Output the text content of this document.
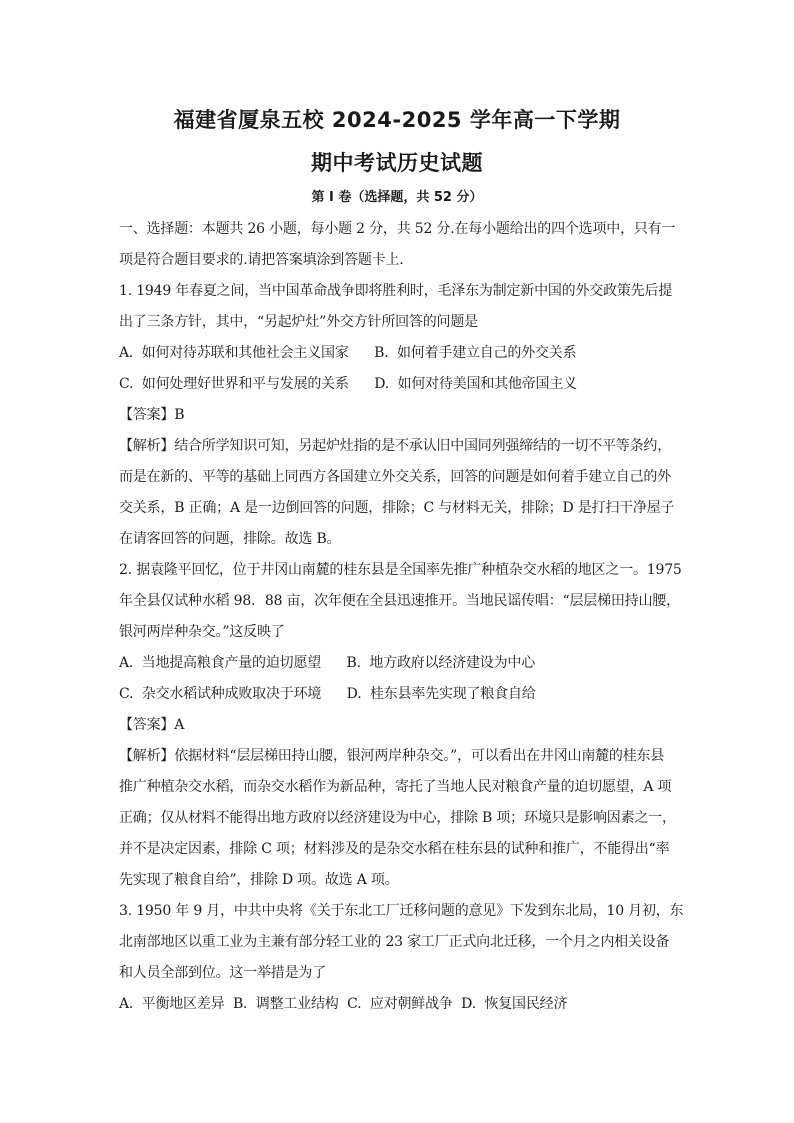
福建省厦泉五校 2024-2025 学年高一下学期
期中考试历史试题
第 I 卷（选择题，共 52 分）
一、选择题：本题共 26 小题，每小题 2 分，共 52 分.在每小题给出的四个选项中，只有一
项是符合题目要求的.请把答案填涂到答题卡上.
1. 1949 年春夏之间，当中国革命战争即将胜利时，毛泽东为制定新中国的外交政策先后提
出了三条方针，其中，“另起炉灶”外交方针所回答的问题是
A.  如何对待苏联和其他社会主义国家      B.  如何着手建立自己的外交关系
C.  如何处理好世界和平与发展的关系      D.  如何对待美国和其他帝国主义
【答案】B
【解析】结合所学知识可知，另起炉灶指的是不承认旧中国同列强缔结的一切不平等条约，
而是在新的、平等的基础上同西方各国建立外交关系，回答的问题是如何着手建立自己的外
交关系，B 正确；A 是一边倒回答的问题，排除；C 与材料无关，排除；D 是打扫干净屋子
在请客回答的问题，排除。故选 B。
2. 据袁隆平回忆，位于井冈山南麓的桂东县是全国率先推广种植杂交水稻的地区之一。1975
年全县仅试种水稻 98．88 亩，次年便在全县迅速推开。当地民谣传唱：“层层梯田持山腰，
银河两岸种杂交。”这反映了
A.  当地提高粮食产量的迫切愿望      B.  地方政府以经济建设为中心
C.  杂交水稻试种成败取决于环境      D.  桂东县率先实现了粮食自给
【答案】A
【解析】依据材料“层层梯田持山腰，银河两岸种杂交。”，可以看出在井冈山南麓的桂东县
推广种植杂交水稻，而杂交水稻作为新品种，寄托了当地人民对粮食产量的迫切愿望，A 项
正确；仅从材料不能得出地方政府以经济建设为中心，排除 B 项；环境只是影响因素之一，
并不是决定因素，排除 C 项；材料涉及的是杂交水稻在桂东县的试种和推广，不能得出“率
先实现了粮食自给”，排除 D 项。故选 A 项。
3. 1950 年 9 月，中共中央将《关于东北工厂迁移问题的意见》下发到东北局，10 月初，东
北南部地区以重工业为主兼有部分轻工业的 23 家工厂正式向北迁移，一个月之内相关设备
和人员全部到位。这一举措是为了
A.  平衡地区差异  B.  调整工业结构  C.  应对朝鲜战争  D.  恢复国民经济
